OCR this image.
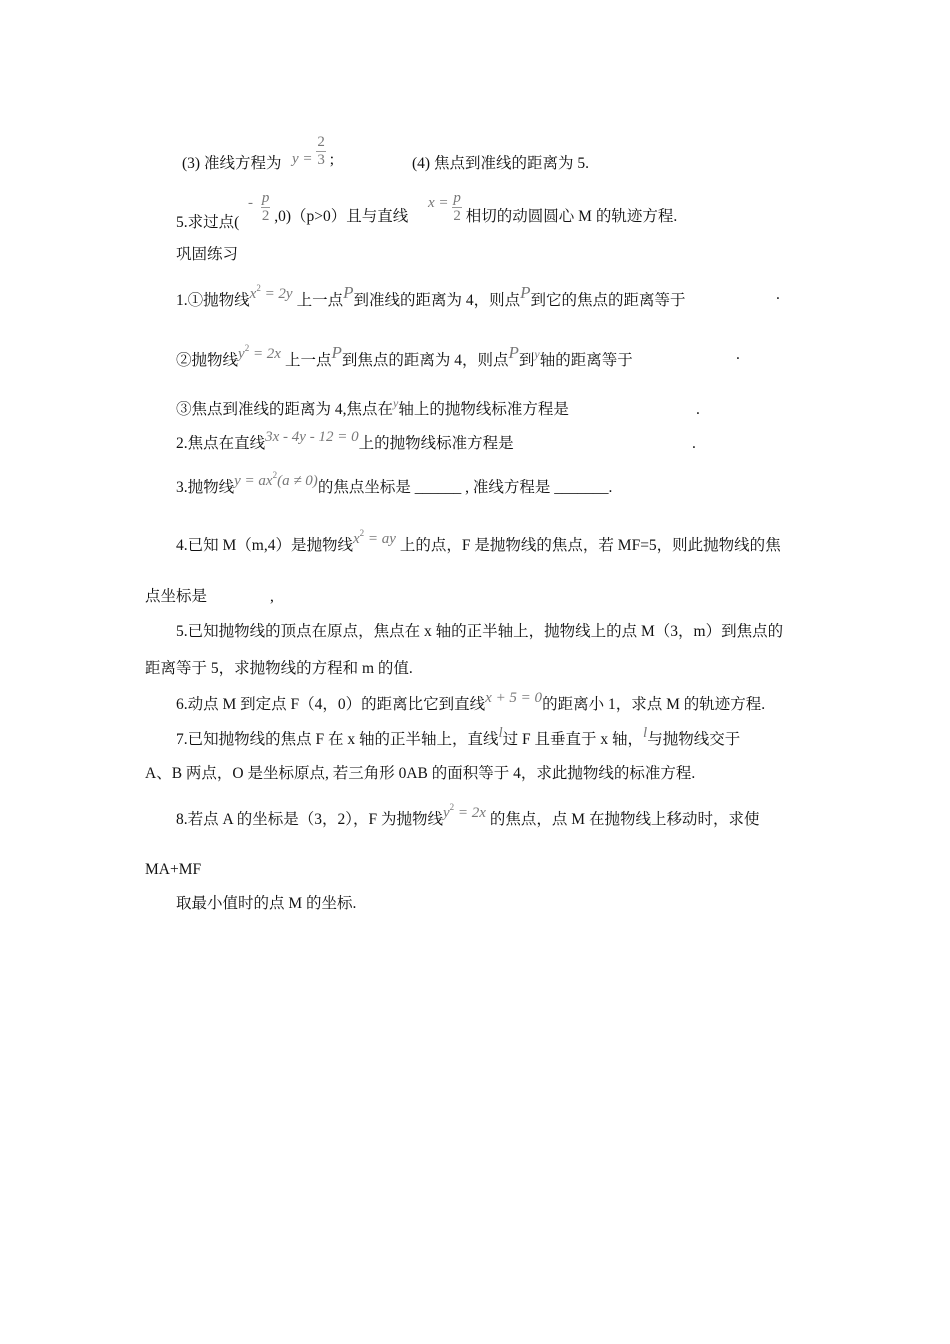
(3) 准线方程为 $y = \frac{2}{3}$ ;	(4) 焦点到准线的距离为 5.
5.求过点(
- $\frac{p}{2} ,0)(p>0)$且与直线
$x = \frac{p}{2}$ 相切的动圆圆心 M 的轨迹方程.
巩固练习
1.①抛物线$x^2 = 2y$ 上一点P到准线的距离为 4，则点P到它的焦点的距离等于	.
②抛物线$y^2 = 2x$ 上一点P到焦点的距离为 4，则点P到$^y$轴的距离等于	.
③焦点到准线的距离为 4,焦点在$^y$轴上的抛物线标准方程是	.
2.焦点在直线3x - 4y - 12 = 0上的抛物线标准方程是	.
3.抛物线$y = ax^2(a \ne 0)$的焦点坐标是 ______ , 准线方程是 _______.
4.已知 M（m,4）是抛物线$x^2$ = ay 上的点，F 是抛物线的焦点，若 MF=5，则此抛物线的焦
点坐标是	,
5.已知抛物线的顶点在原点，焦点在 x 轴的正半轴上，抛物线上的点 M（3，m）到焦点的
距离等于 5，求抛物线的方程和 m 的值.
6.动点 M 到定点 F（4，0）的距离比它到直线x + 5 = 0的距离小 1，求点 M 的轨迹方程.
7.已知抛物线的焦点 F 在 x 轴的正半轴上，直线l过 F 且垂直于 x 轴，l与抛物线交于
A、B 两点，O 是坐标原点, 若三角形 0AB 的面积等于 4，求此抛物线的标准方程.
8.若点 A 的坐标是（3，2），F 为抛物线$y^2 = 2x$ 的焦点，点 M 在抛物线上移动时，求使
MA+MF
取最小值时的点 M 的坐标.
